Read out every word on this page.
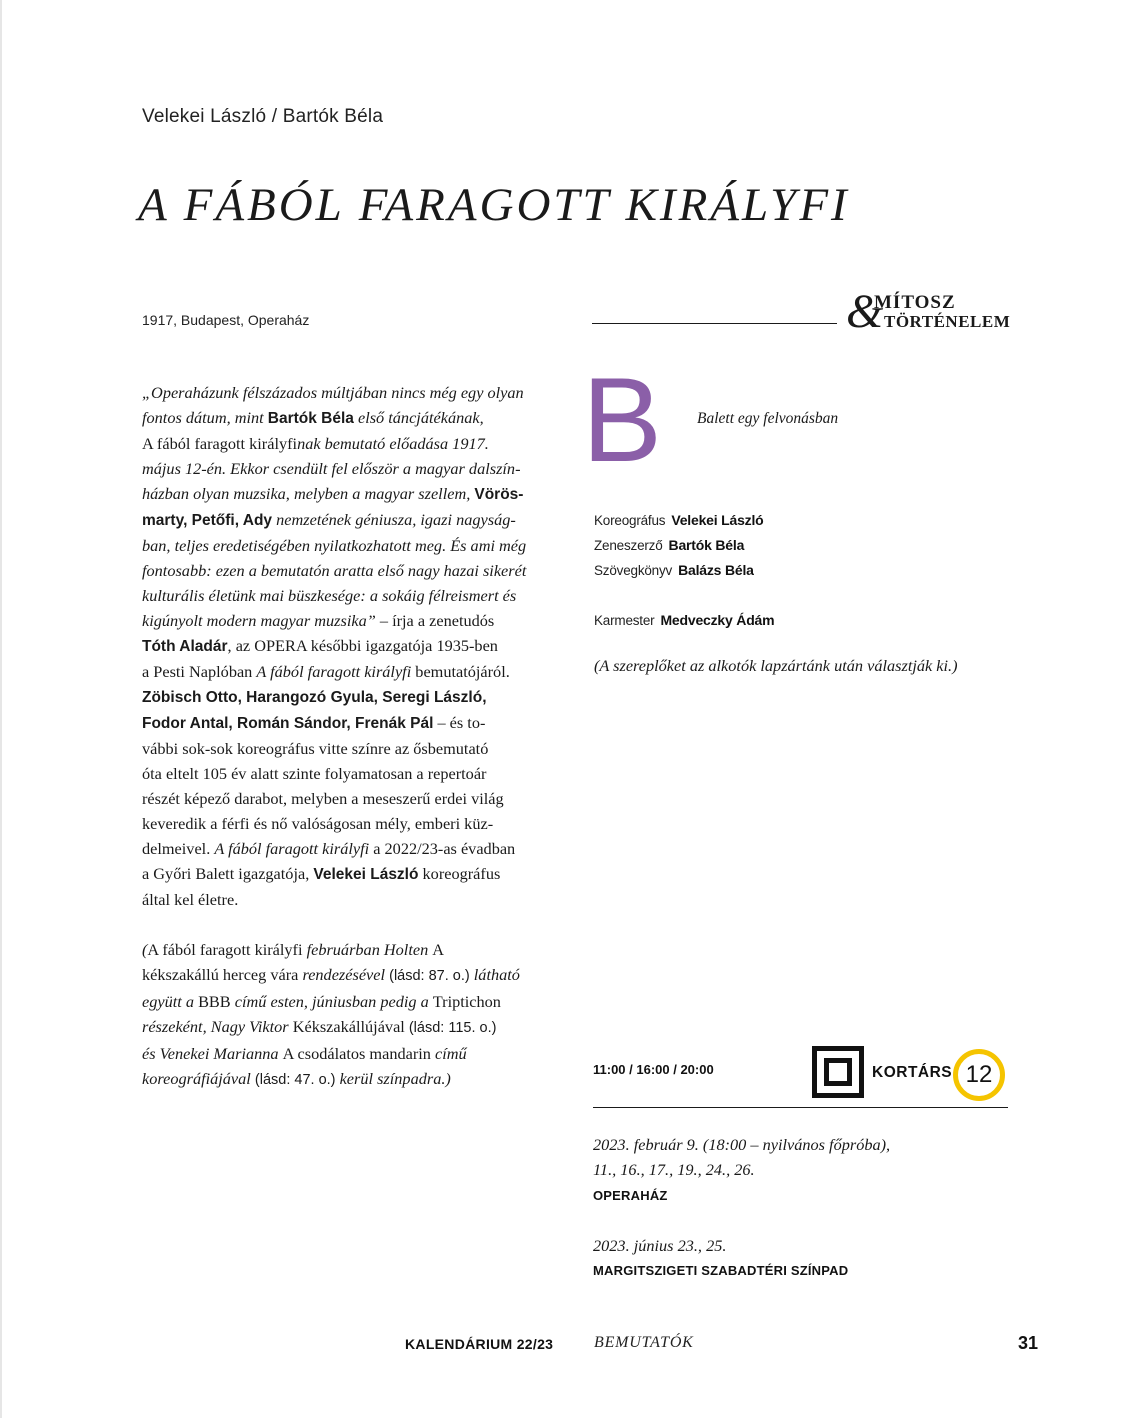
Velekei László / Bartók Béla
A FÁBÓL FARAGOTT KIRÁLYFI
1917, Budapest, Operaház	&
MÍTOSZ
TÖRTÉNELEM
„Operaházunk félszázados múltjában nincs még egy olyan
fontos dátum, mint Bartók Béla első táncjátékának,
A fából faragott királyfinak bemutató előadása 1917.
május 12-én. Ekkor csendült fel először a magyar dalszín-
házban olyan muzsika, melyben a magyar szellem, Vörös-
marty, Petőfi, Ady nemzetének géniusza, igazi nagyság-
ban, teljes eredetiségében nyilatkozhatott meg. És ami még
fontosabb: ezen a bemutatón aratta első nagy hazai sikerét
kulturális életünk mai büszkesége: a sokáig félreismert és
kigúnyolt modern magyar muzsika” – írja a zenetudós
Tóth Aladár, az OPERA későbbi igazgatója 1935-ben
a Pesti Naplóban A fából faragott királyfi bemutatójáról.
Zöbisch Otto, Harangozó Gyula, Seregi László,
Fodor Antal, Román Sándor, Frenák Pál – és to-
vábbi sok-sok koreográfus vitte színre az ősbemutató
óta eltelt 105 év alatt szinte folyamatosan a repertoár
részét képező darabot, melyben a meseszerű erdei világ
keveredik a férfi és nő valóságosan mély, emberi küz-
delmeivel. A fából faragott királyfi a 2022/23-as évadban
a Győri Balett igazgatója, Velekei László koreográfus
által kel életre.
(A fából faragott királyfi februárban Holten A
kékszakállú herceg vára rendezésével (lásd: 87. o.) látható
együtt a BBB című esten, júniusban pedig a Triptichon
részeként, Nagy Viktor Kékszakállújával (lásd: 115. o.)
és Venekei Marianna A csodálatos mandarin című
koreográfiájával (lásd: 47. o.) kerül színpadra.)
B Balett egy felvonásban
Koreográfus Velekei László
Zeneszerző Bartók Béla
Szövegkönyv Balázs Béla
Karmester Medveczky Ádám
(A szereplőket az alkotók lapzártánk után választják ki.)
11:00 / 16:00 / 20:00	KORTÁRS 12
2023. február 9. (18:00 – nyilvános főpróba),
11., 16., 17., 19., 24., 26.
OPERAHÁZ
2023. június 23., 25.
MARGITSZIGETI SZABADTÉRI SZÍNPAD
KALENDÁRIUM 22/23	BEMUTATÓK	31
